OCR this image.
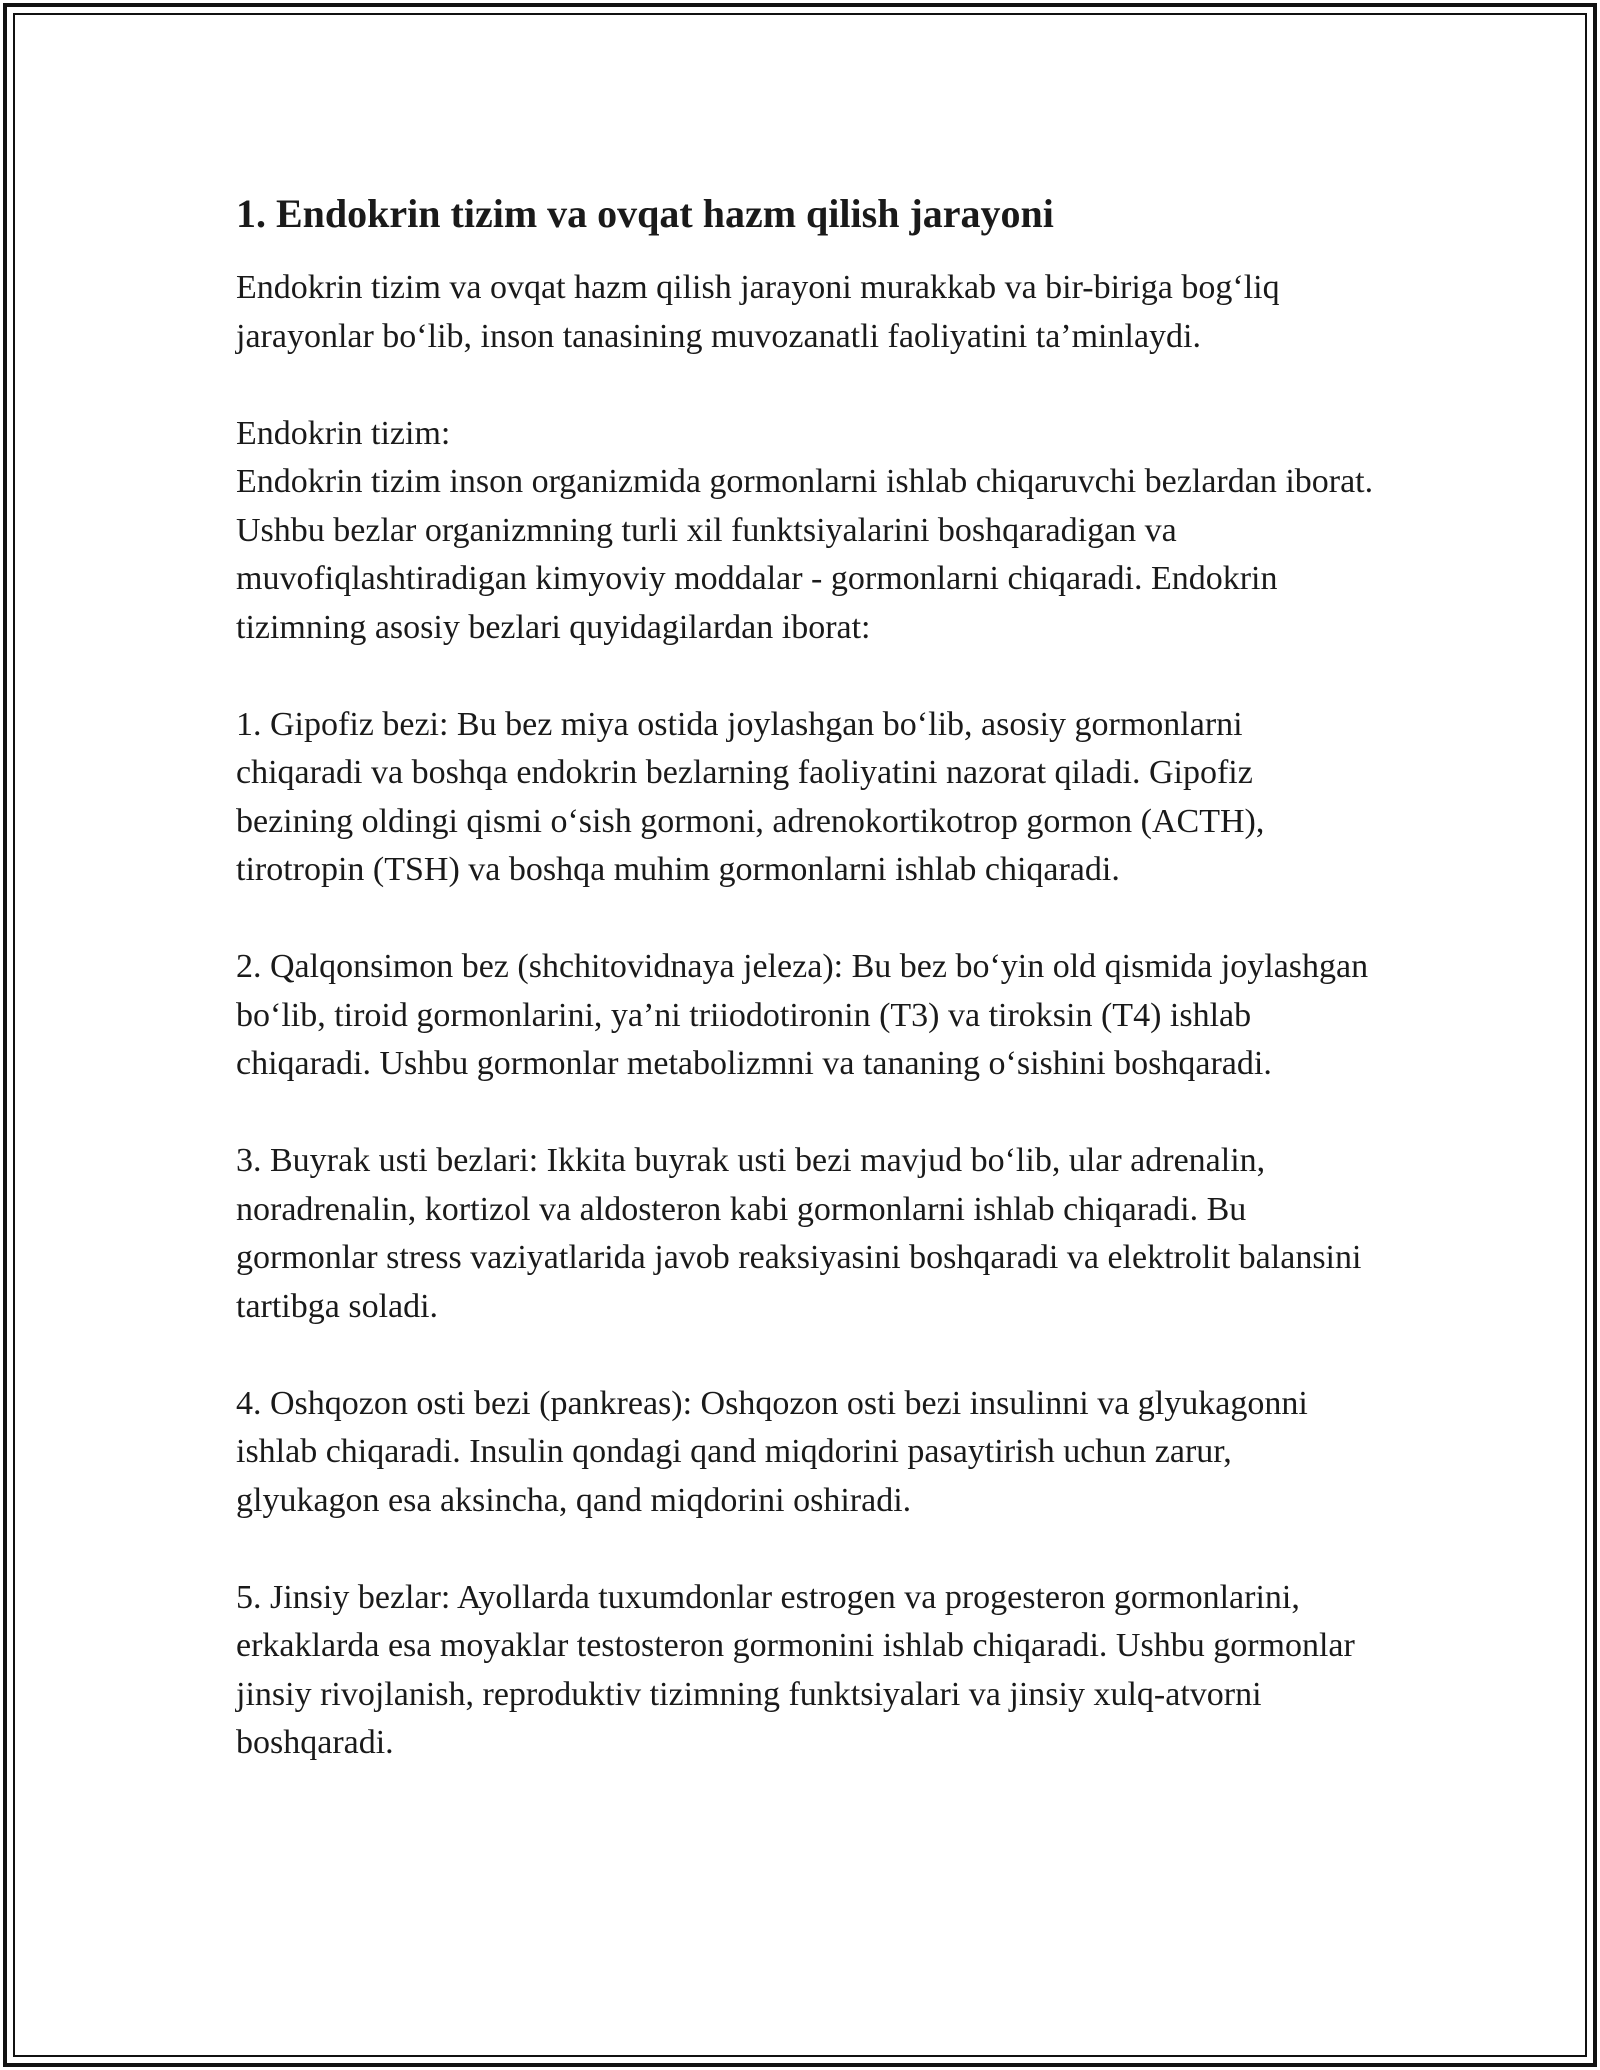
1. Endokrin tizim va ovqat hazm qilish jarayoni

Endokrin tizim va ovqat hazm qilish jarayoni murakkab va bir-biriga bog‘liq jarayonlar bo‘lib, inson tanasining muvozanatli faoliyatini ta’minlaydi.

Endokrin tizim:

Endokrin tizim inson organizmida gormonlarni ishlab chiqaruvchi bezlardan iborat. Ushbu bezlar organizmning turli xil funktsiyalarini boshqaradigan va muvofiqlashtiradigan kimyoviy moddalar - gormonlarni chiqaradi. Endokrin tizimning asosiy bezlari quyidagilardan iborat:

1. Gipofiz bezi: Bu bez miya ostida joylashgan bo‘lib, asosiy gormonlarni chiqaradi va boshqa endokrin bezlarning faoliyatini nazorat qiladi. Gipofiz bezining oldingi qismi o‘sish gormoni, adrenokortikotrop gormon (ACTH), tirotropin (TSH) va boshqa muhim gormonlarni ishlab chiqaradi.

2. Qalqonsimon bez (shchitovidnaya jeleza): Bu bez bo‘yin old qismida joylashgan bo‘lib, tiroid gormonlarini, ya’ni triiodotironin (T3) va tiroksin (T4) ishlab chiqaradi. Ushbu gormonlar metabolizmni va tananing o‘sishini boshqaradi.

3. Buyrak usti bezlari: Ikkita buyrak usti bezi mavjud bo‘lib, ular adrenalin, noradrenalin, kortizol va aldosteron kabi gormonlarni ishlab chiqaradi. Bu gormonlar stress vaziyatlarida javob reaksiyasini boshqaradi va elektrolit balansini tartibga soladi.

4. Oshqozon osti bezi (pankreas): Oshqozon osti bezi insulinni va glyukagonni ishlab chiqaradi. Insulin qondagi qand miqdorini pasaytirish uchun zarur, glyukagon esa aksincha, qand miqdorini oshiradi.

5. Jinsiy bezlar: Ayollarda tuxumdonlar estrogen va progesteron gormonlarini, erkaklarda esa moyaklar testosteron gormonini ishlab chiqaradi. Ushbu gormonlar jinsiy rivojlanish, reproduktiv tizimning funktsiyalari va jinsiy xulq-atvorni boshqaradi.
